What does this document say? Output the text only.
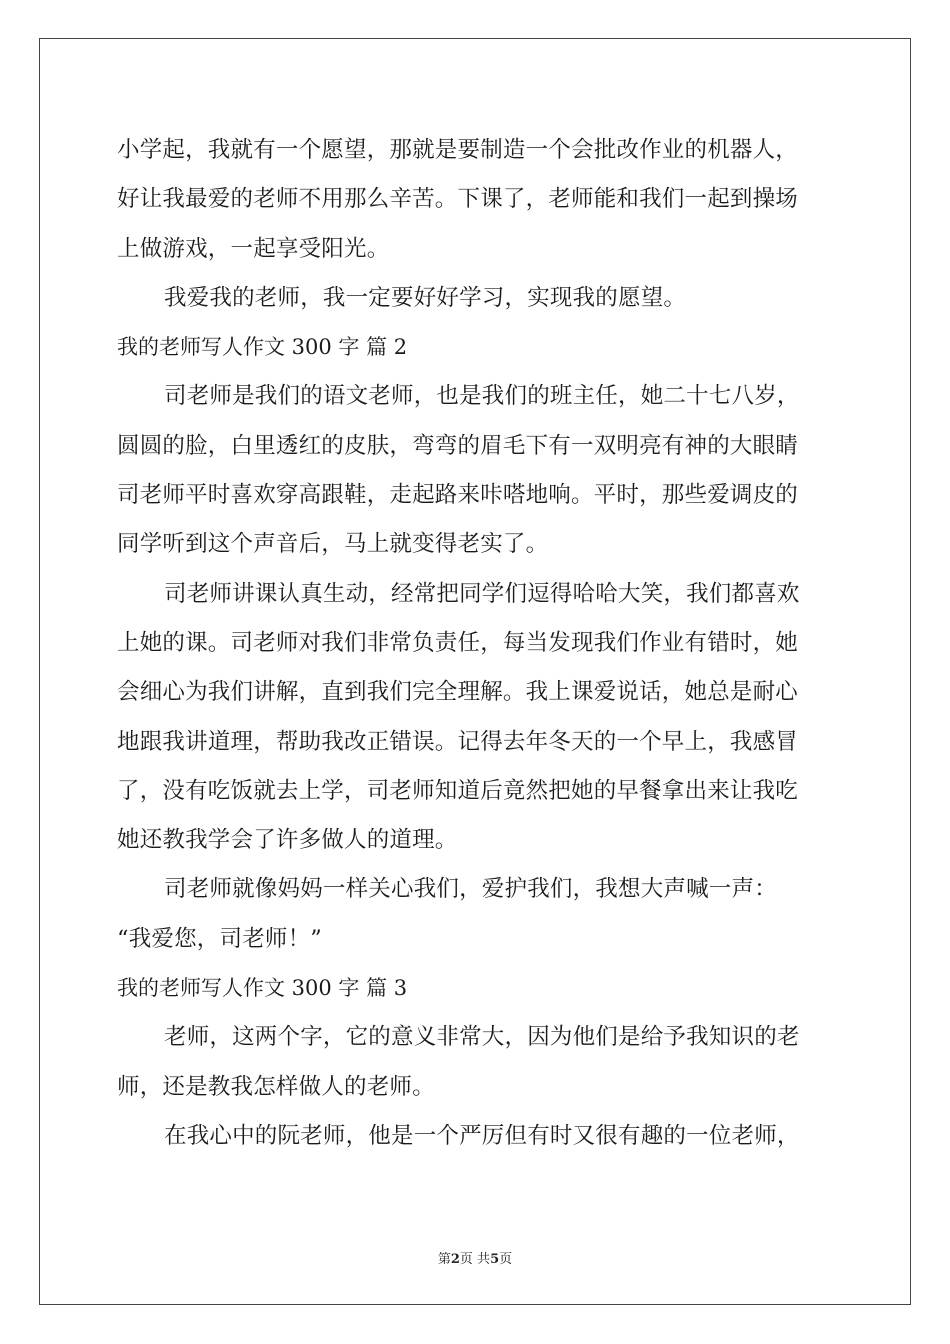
小学起，我就有一个愿望，那就是要制造一个会批改作业的机器人，
好让我最爱的老师不用那么辛苦。下课了，老师能和我们一起到操场
上做游戏，一起享受阳光。
我爱我的老师，我一定要好好学习，实现我的愿望。
我的老师写人作文 300 字 篇 2
司老师是我们的语文老师，也是我们的班主任，她二十七八岁，
圆圆的脸，白里透红的皮肤，弯弯的眉毛下有一双明亮有神的大眼睛
司老师平时喜欢穿高跟鞋，走起路来咔嗒地响。平时，那些爱调皮的
同学听到这个声音后，马上就变得老实了。
司老师讲课认真生动，经常把同学们逗得哈哈大笑，我们都喜欢
上她的课。司老师对我们非常负责任，每当发现我们作业有错时，她
会细心为我们讲解，直到我们完全理解。我上课爱说话，她总是耐心
地跟我讲道理，帮助我改正错误。记得去年冬天的一个早上，我感冒
了，没有吃饭就去上学，司老师知道后竟然把她的早餐拿出来让我吃
她还教我学会了许多做人的道理。
司老师就像妈妈一样关心我们，爱护我们，我想大声喊一声：
“我爱您，司老师！”
我的老师写人作文 300 字 篇 3
老师，这两个字，它的意义非常大，因为他们是给予我知识的老
师，还是教我怎样做人的老师。
在我心中的阮老师，他是一个严厉但有时又很有趣的一位老师，
第2页 共5页
